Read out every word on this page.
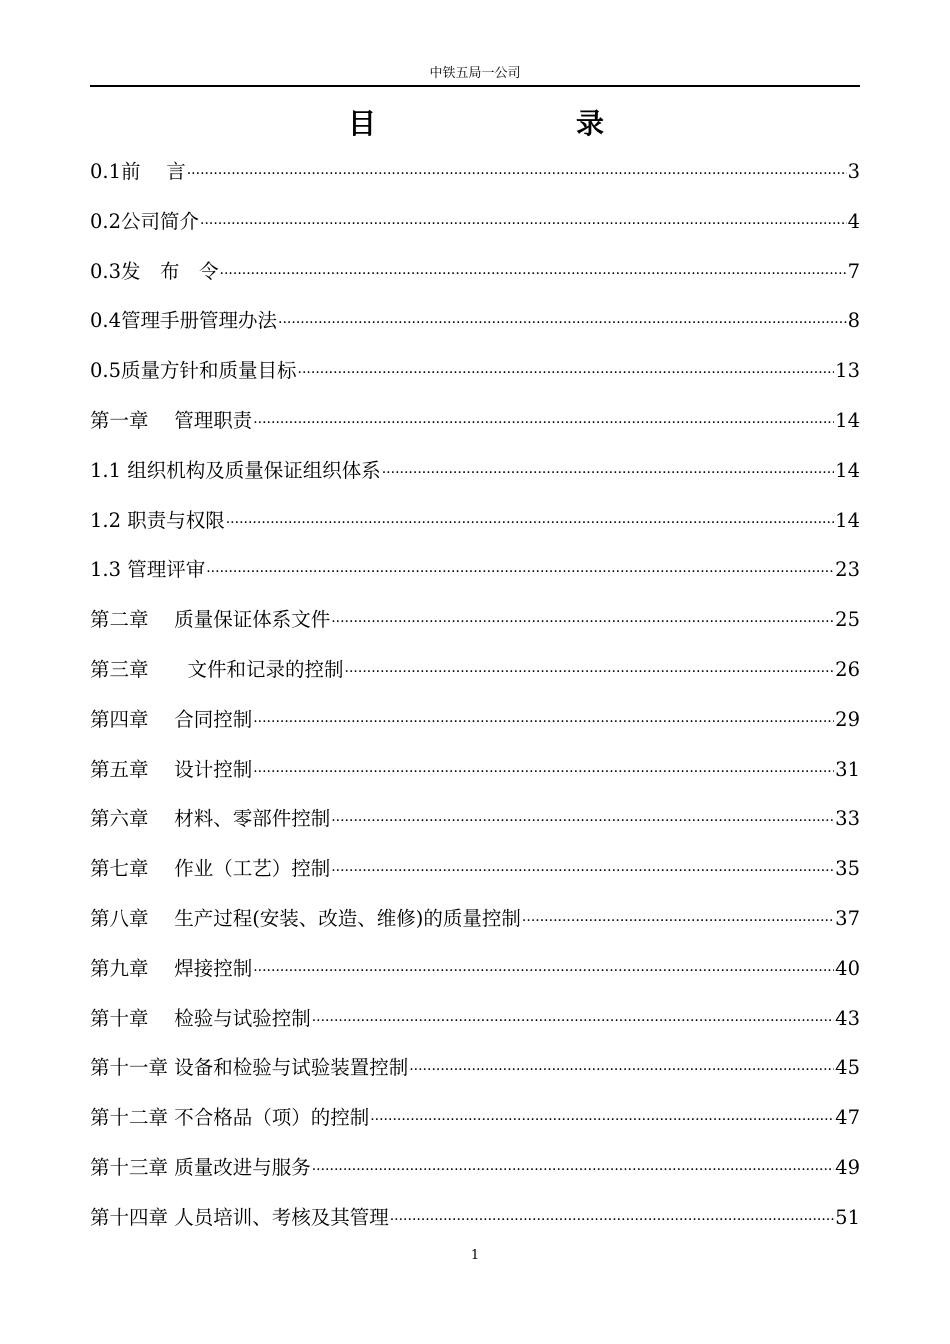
中铁五局一公司
目	录
0.1前　 言 ·····	3
0.2公司简介 ·····	4
0.3发　布　令 ·····	7
0.4管理手册管理办法 ·····	8
0.5质量方针和质量目标 ·····	13
第一章　 管理职责 ·····	14
1.1 组织机构及质量保证组织体系 ·····	14
1.2 职责与权限 ·····	14
1.3 管理评审 ·····	23
第二章　 质量保证体系文件 ·····	25
第三章　　文件和记录的控制 ·····	26
第四章　 合同控制 ·····	29
第五章　 设计控制 ·····	31
第六章　 材料、零部件控制 ·····	33
第七章　 作业（工艺）控制 ·····	35
第八章　 生产过程(安装、改造、维修)的质量控制 ·····	37
第九章　 焊接控制 ·····	40
第十章　 检验与试验控制 ·····	43
第十一章 设备和检验与试验装置控制 ·····	45
第十二章 不合格品（项）的控制 ·····	47
第十三章 质量改进与服务 ·····	49
第十四章 人员培训、考核及其管理 ·····	51
1
